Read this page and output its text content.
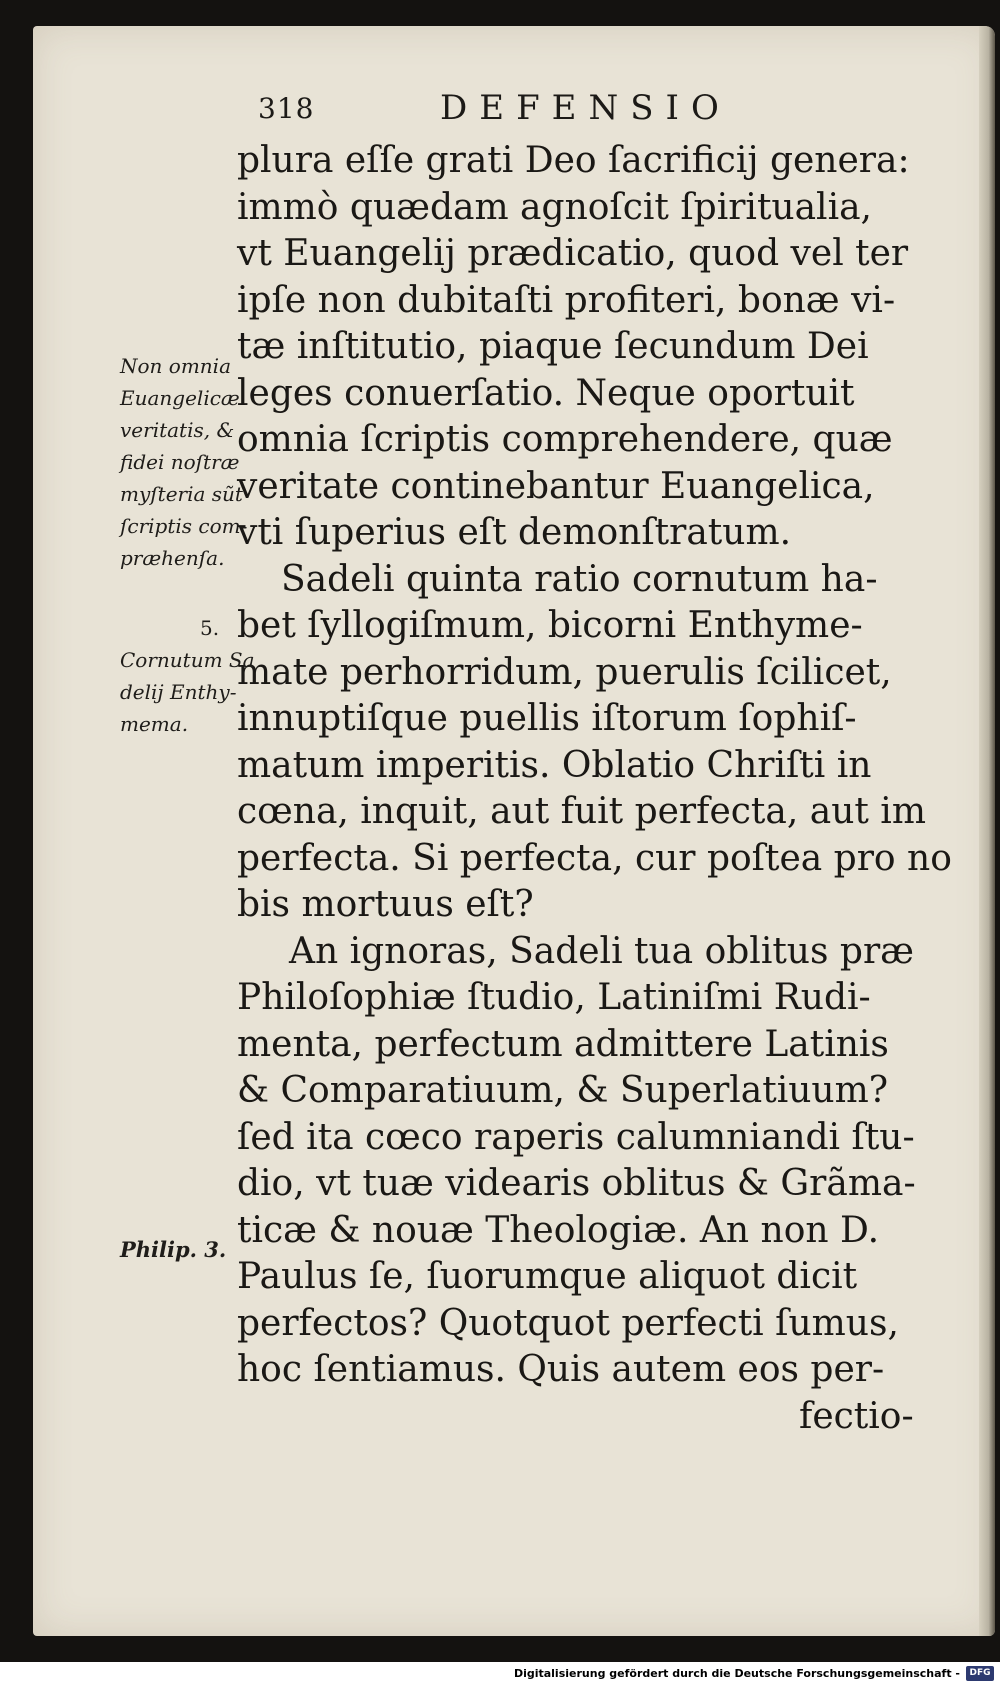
318	DEFENSIO
plura eſſe grati Deo ſacrificij genera:
immò quædam agnoſcit ſpiritualia,
vt Euangelij prædicatio, quod vel ter
ipſe non dubitaſti profiteri, bonæ vi-
tæ inſtitutio, piaque ſecundum Dei
leges conuerſatio. Neque oportuit
omnia ſcriptis comprehendere, quæ
veritate continebantur Euangelica,
vti ſuperius eſt demonſtratum.
Sadeli quinta ratio cornutum ha-
bet ſyllogiſmum, bicorni Enthyme-
mate perhorridum, puerulis ſcilicet,
innuptiſque puellis iſtorum ſophiſ-
matum imperitis. Oblatio Chriſti in
cœna, inquit, aut fuit perfecta, aut im
perfecta. Si perfecta, cur poſtea pro no
bis mortuus eſt?
An ignoras, Sadeli tua oblitus præ
Philoſophiæ ſtudio, Latiniſmi Rudi-
menta, perfectum admittere Latinis
& Comparatiuum, & Superlatiuum?
ſed ita cœco raperis calumniandi ſtu-
dio, vt tuæ videaris oblitus & Grãma-
ticæ & nouæ Theologiæ. An non D.
Paulus ſe, ſuorumque aliquot dicit
perfectos? Quotquot perfecti ſumus,
hoc ſentiamus. Quis autem eos per-
fectio-
Non omnia
Euangelicæ
veritatis, &
fidei noſtræ
myſteria sũt
ſcriptis com-
præhenſa.
5.
Cornutum Sa
delij Enthy-
mema.
Philip. 3.
Digitalisierung gefördert durch die Deutsche Forschungsgemeinschaft -	DFG
